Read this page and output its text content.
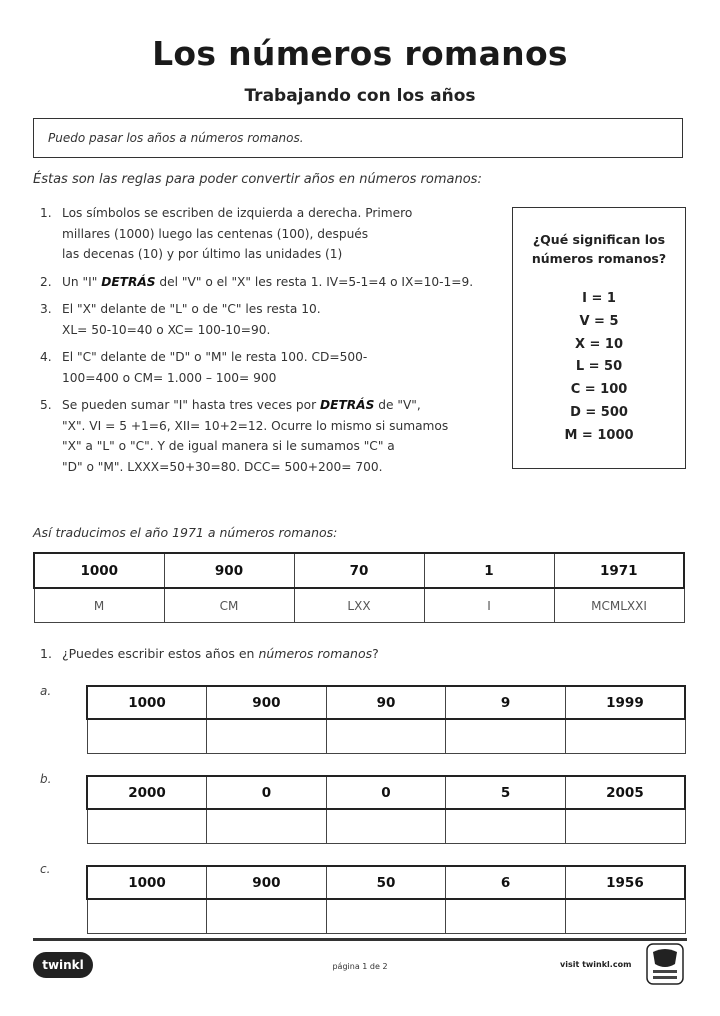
Los números romanos
Trabajando con los años
Puedo pasar los años a números romanos.
Éstas son las reglas para poder convertir años en números romanos:
1. Los símbolos se escriben de izquierda a derecha. Primero
millares (1000) luego las centenas (100), después
las decenas (10) y por último las unidades (1)
2. Un "I" DETRÁS del "V" o el "X" les resta 1. IV=5-1=4 o IX=10-1=9.
3. El "X" delante de "L" o de "C" les resta 10.
XL= 50-10=40 o XC= 100-10=90.
4. El "C" delante de "D" o "M" le resta 100. CD=500-
100=400 o CM= 1.000 – 100= 900
5. Se pueden sumar "I" hasta tres veces por DETRÁS de "V",
"X". VI = 5 +1=6, XII= 10+2=12. Ocurre lo mismo si sumamos
"X" a "L" o "C". Y de igual manera si le sumamos "C" a
"D" o "M". LXXX=50+30=80. DCC= 500+200= 700.
¿Qué significan los
números romanos?
I = 1
V = 5
X = 10
L = 50
C = 100
D = 500
M = 1000
Así traducimos el año 1971 a números romanos:
1000	900	70	1	1971
M	CM	LXX	I	MCMLXXI
1. ¿Puedes escribir estos años en números romanos?
a.
1000	900	90	9	1999

b.
2000	0	0	5	2005

c.
1000	900	50	6	1956

twinkl	página 1 de 2	visit twinkl.com
